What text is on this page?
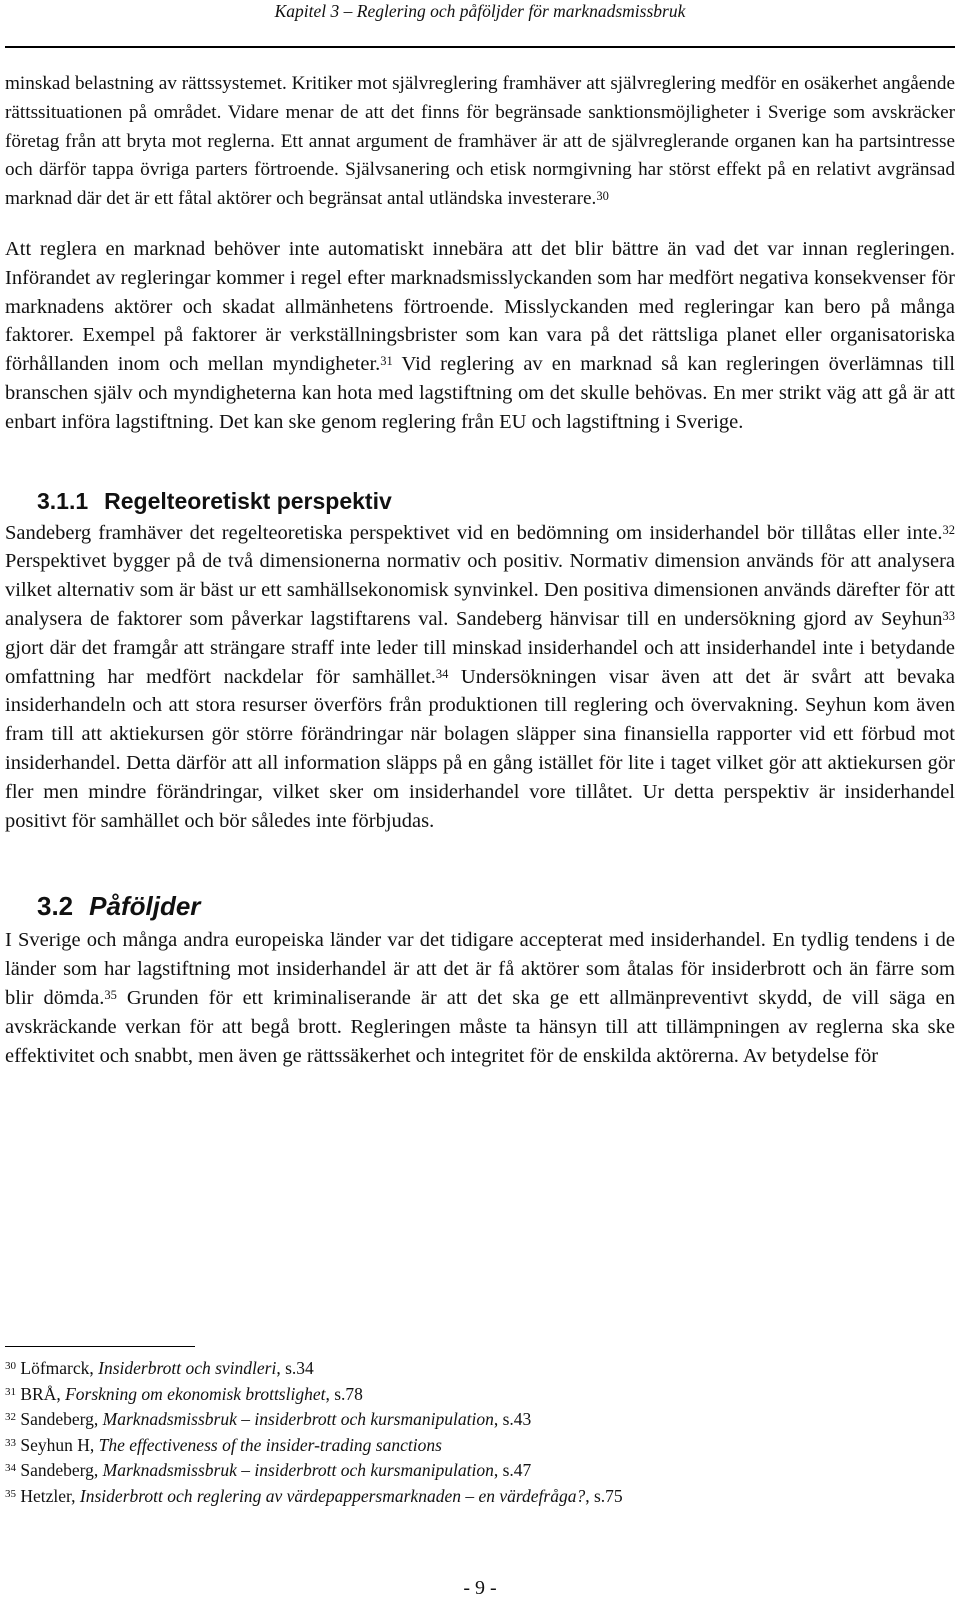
Kapitel 3 – Reglering och påföljder för marknadsmissbruk

minskad belastning av rättssystemet. Kritiker mot självreglering framhäver att självreglering medför en osäkerhet angående rättssituationen på området. Vidare menar de att det finns för begränsade sanktionsmöjligheter i Sverige som avskräcker företag från att bryta mot reglerna. Ett annat argument de framhäver är att de självreglerande organen kan ha partsintresse och därför tappa övriga parters förtroende. Självsanering och etisk normgivning har störst effekt på en relativt avgränsad marknad där det är ett fåtal aktörer och begränsat antal utländska investerare.$^{30}$

Att reglera en marknad behöver inte automatiskt innebära att det blir bättre än vad det var innan regleringen. Införandet av regleringar kommer i regel efter marknadsmisslyckanden som har medfört negativa konsekvenser för marknadens aktörer och skadat allmänhetens förtroende. Misslyckanden med regleringar kan bero på många faktorer. Exempel på faktorer är verkställningsbrister som kan vara på det rättsliga planet eller organisatoriska förhållanden inom och mellan myndigheter.$^{31}$ Vid reglering av en marknad så kan regleringen överlämnas till branschen själv och myndigheterna kan hota med lagstiftning om det skulle behövas. En mer strikt väg att gå är att enbart införa lagstiftning. Det kan ske genom reglering från EU och lagstiftning i Sverige.

3.1.1 Regelteoretiskt perspektiv

Sandeberg framhäver det regelteoretiska perspektivet vid en bedömning om insiderhandel bör tillåtas eller inte.$^{32}$ Perspektivet bygger på de två dimensionerna normativ och positiv. Normativ dimension används för att analysera vilket alternativ som är bäst ur ett samhällsekonomisk synvinkel. Den positiva dimensionen används därefter för att analysera de faktorer som påverkar lagstiftarens val. Sandeberg hänvisar till en undersökning gjord av Seyhun$^{33}$ gjort där det framgår att strängare straff inte leder till minskad insiderhandel och att insiderhandel inte i betydande omfattning har medfört nackdelar för samhället.$^{34}$ Undersökningen visar även att det är svårt att bevaka insiderhandeln och att stora resurser överförs från produktionen till reglering och övervakning. Seyhun kom även fram till att aktiekursen gör större förändringar när bolagen släpper sina finansiella rapporter vid ett förbud mot insiderhandel. Detta därför att all information släpps på en gång istället för lite i taget vilket gör att aktiekursen gör fler men mindre förändringar, vilket sker om insiderhandel vore tillåtet. Ur detta perspektiv är insiderhandel positivt för samhället och bör således inte förbjudas.

3.2 Påföljder

I Sverige och många andra europeiska länder var det tidigare accepterat med insiderhandel. En tydlig tendens i de länder som har lagstiftning mot insiderhandel är att det är få aktörer som åtalas för insiderbrott och än färre som blir dömda.$^{35}$ Grunden för ett kriminaliserande är att det ska ge ett allmänpreventivt skydd, de vill säga en avskräckande verkan för att begå brott. Regleringen måste ta hänsyn till att tillämpningen av reglerna ska ske effektivitet och snabbt, men även ge rättssäkerhet och integritet för de enskilda aktörerna. Av betydelse för

$^{30}$ Löfmarck, Insiderbrott och svindleri, s.34

$^{31}$ BRÅ, Forskning om ekonomisk brottslighet, s.78

$^{32}$ Sandeberg, Marknadsmissbruk – insiderbrott och kursmanipulation, s.43

$^{33}$ Seyhun H, The effectiveness of the insider-trading sanctions

$^{34}$ Sandeberg, Marknadsmissbruk – insiderbrott och kursmanipulation, s.47

$^{35}$ Hetzler, Insiderbrott och reglering av värdepappersmarknaden – en värdefråga?, s.75

- 9 -
